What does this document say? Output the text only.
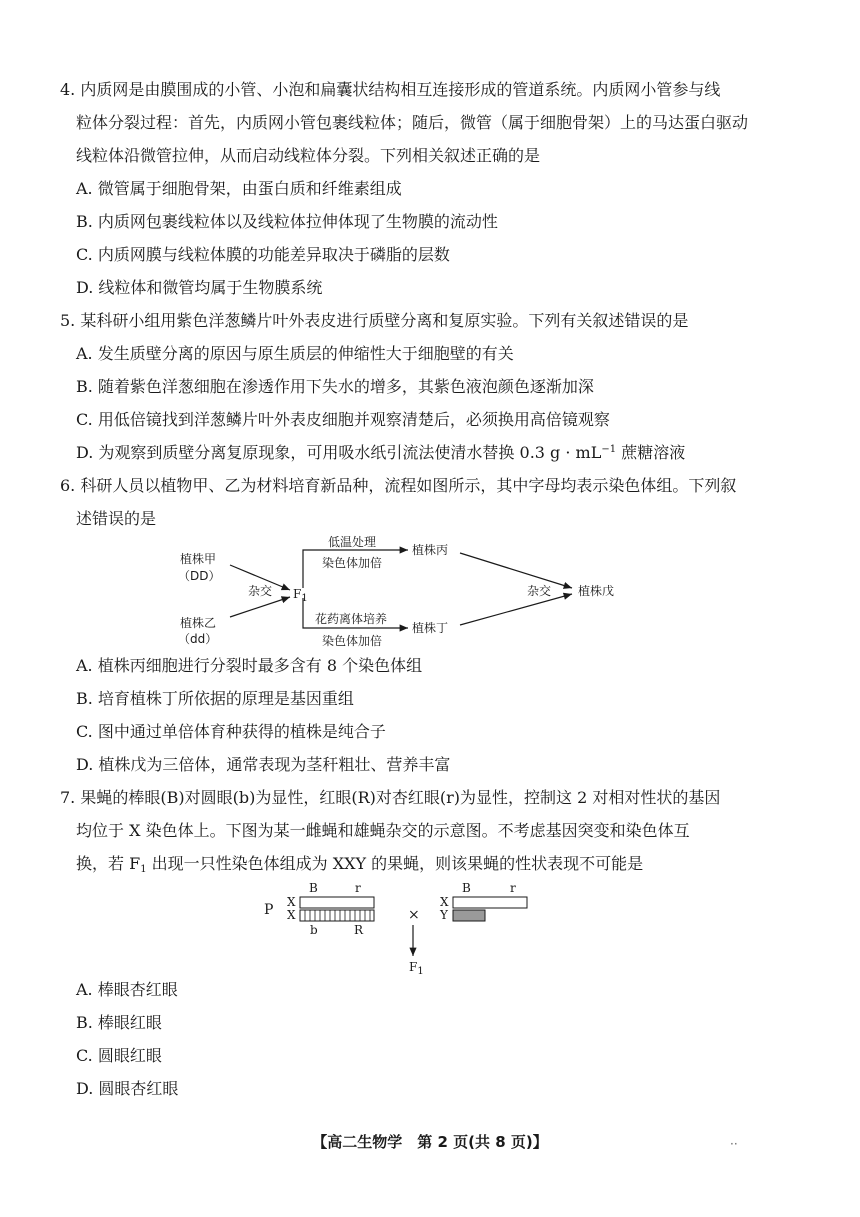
4. 内质网是由膜围成的小管、小泡和扁囊状结构相互连接形成的管道系统。内质网小管参与线
粒体分裂过程：首先，内质网小管包裹线粒体；随后，微管（属于细胞骨架）上的马达蛋白驱动
线粒体沿微管拉伸，从而启动线粒体分裂。下列相关叙述正确的是
A. 微管属于细胞骨架，由蛋白质和纤维素组成
B. 内质网包裹线粒体以及线粒体拉伸体现了生物膜的流动性
C. 内质网膜与线粒体膜的功能差异取决于磷脂的层数
D. 线粒体和微管均属于生物膜系统
5. 某科研小组用紫色洋葱鳞片叶外表皮进行质壁分离和复原实验。下列有关叙述错误的是
A. 发生质壁分离的原因与原生质层的伸缩性大于细胞壁的有关
B. 随着紫色洋葱细胞在渗透作用下失水的增多，其紫色液泡颜色逐渐加深
C. 用低倍镜找到洋葱鳞片叶外表皮细胞并观察清楚后，必须换用高倍镜观察
D. 为观察到质壁分离复原现象，可用吸水纸引流法使清水替换 0.3 $g \cdot mL^{-1}$ 蔗糖溶液
6. 科研人员以植物甲、乙为材料培育新品种，流程如图所示，其中字母均表示染色体组。下列叙
述错误的是
植株甲
（DD）
植株乙
（dd）
杂交 $F_1$
低温处理
染色体加倍
植株丙
花药离体培养
染色体加倍
植株丁
杂交 植株戊
A. 植株丙细胞进行分裂时最多含有 8 个染色体组
B. 培育植株丁所依据的原理是基因重组
C. 图中通过单倍体育种获得的植株是纯合子
D. 植株戊为三倍体，通常表现为茎秆粗壮、营养丰富
7. 果蝇的棒眼(B)对圆眼(b)为显性，红眼(R)对杏红眼(r)为显性，控制这 2 对相对性状的基因
均位于 X 染色体上。下图为某一雌蝇和雄蝇杂交的示意图。不考虑基因突变和染色体互
换，若 $F_1$ 出现一只性染色体组成为 XXY 的果蝇，则该果蝇的性状表现不可能是
P X
X
B	r
b	R
×
X
Y
B	r
$F_1$
A. 棒眼杏红眼
B. 棒眼红眼
C. 圆眼红眼
D. 圆眼杏红眼
【高二生物学　第 2 页(共 8 页)】	··
